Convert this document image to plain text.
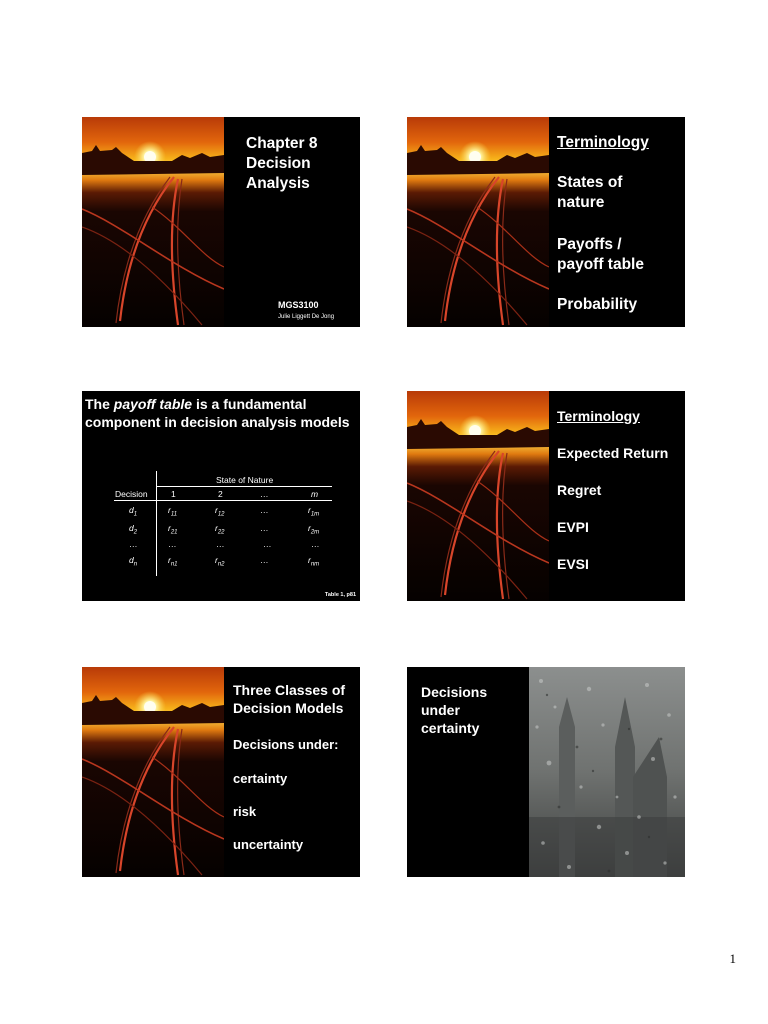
Chapter 8
Decision
Analysis
MGS3100
Julie Liggett De Jong
Terminology
States of
nature
Payoffs /
payoff table
Probability
The payoff table is a fundamental component in decision analysis models
State of Nature
Decision	1	2	…	m
$d_1$	$r_{11}$	$r_{12}$	…	$r_{1m}$
$d_2$	$r_{21}$	$r_{22}$	…	$r_{2m}$
…	…	…	…	…
$d_n$	$r_{n1}$	$r_{n2}$	…	$r_{nm}$
Table 1, p81
Terminology
Expected Return
Regret
EVPI
EVSI
Three Classes of
Decision Models
Decisions under:
certainty
risk
uncertainty
Decisions
under
certainty
1
